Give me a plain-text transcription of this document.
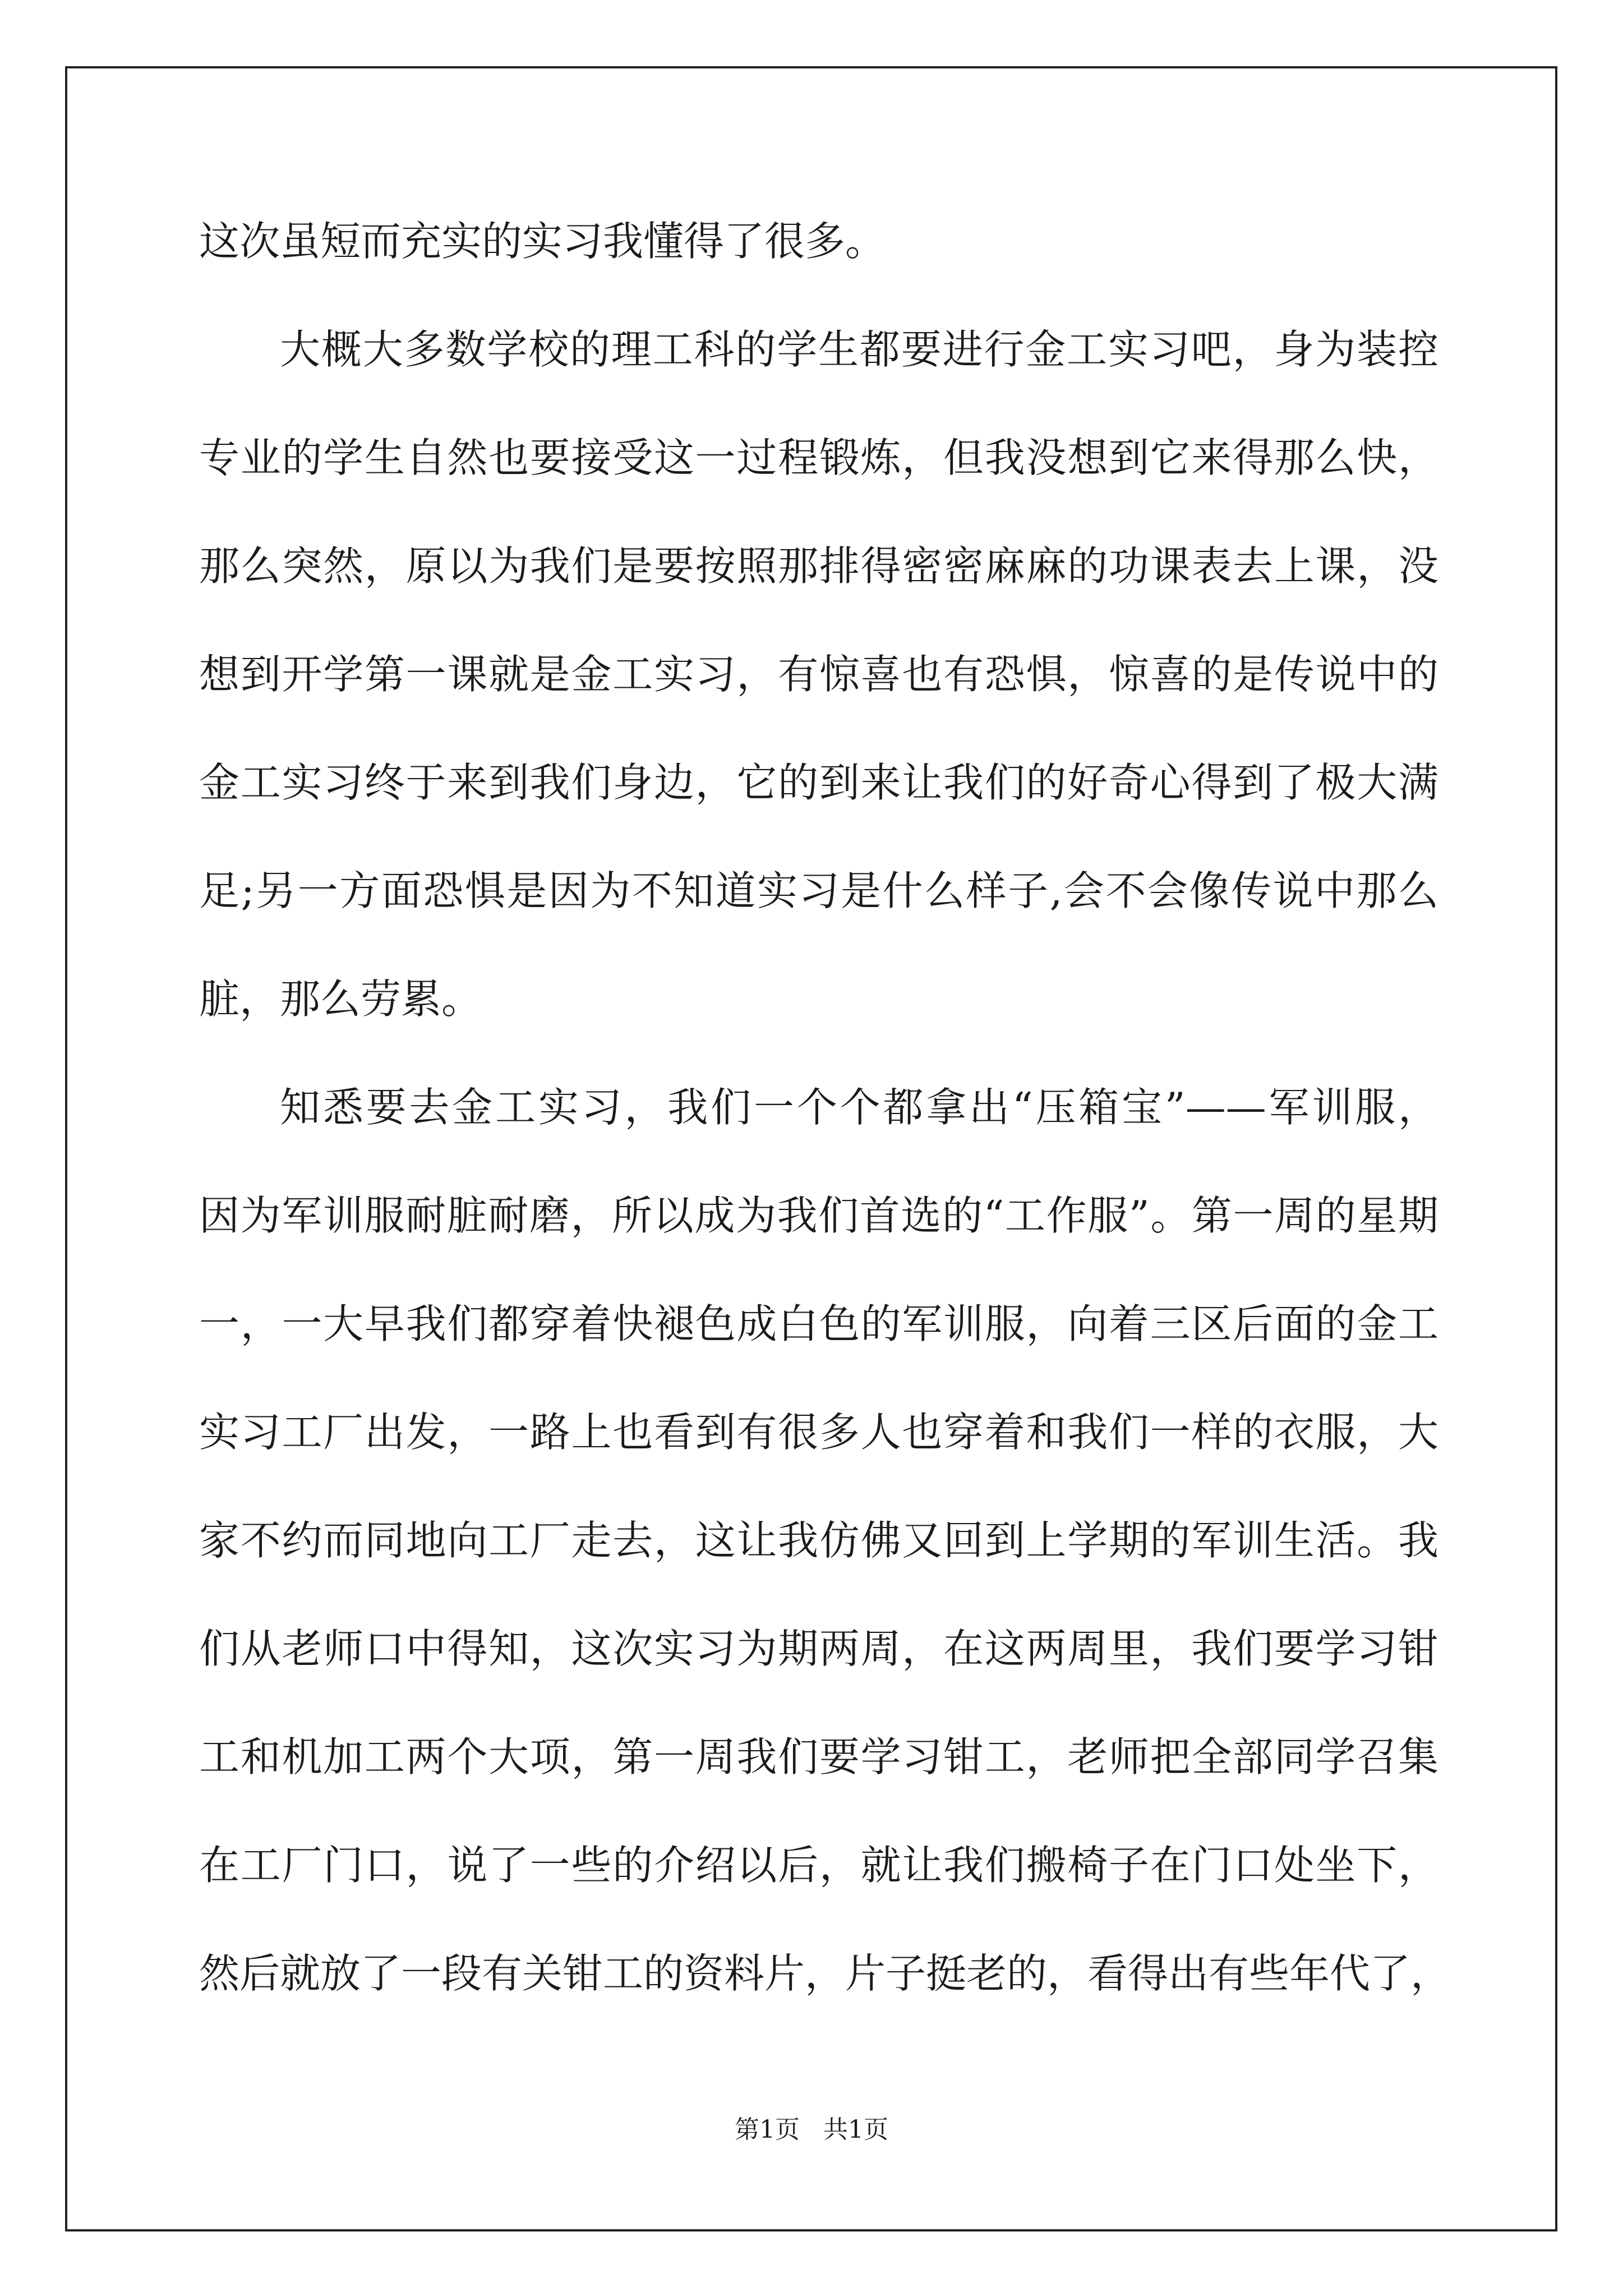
这次虽短而充实的实习我懂得了很多。
大概大多数学校的理工科的学生都要进行金工实习吧，身为装控
专业的学生自然也要接受这一过程锻炼，但我没想到它来得那么快，
那么突然，原以为我们是要按照那排得密密麻麻的功课表去上课，没
想到开学第一课就是金工实习，有惊喜也有恐惧，惊喜的是传说中的
金工实习终于来到我们身边，它的到来让我们的好奇心得到了极大满
足;另一方面恐惧是因为不知道实习是什么样子,会不会像传说中那么
脏，那么劳累。
知悉要去金工实习，我们一个个都拿出“压箱宝”——军训服，
因为军训服耐脏耐磨，所以成为我们首选的“工作服”。第一周的星期
一，一大早我们都穿着快褪色成白色的军训服，向着三区后面的金工
实习工厂出发，一路上也看到有很多人也穿着和我们一样的衣服，大
家不约而同地向工厂走去，这让我仿佛又回到上学期的军训生活。我
们从老师口中得知，这次实习为期两周，在这两周里，我们要学习钳
工和机加工两个大项，第一周我们要学习钳工，老师把全部同学召集
在工厂门口，说了一些的介绍以后，就让我们搬椅子在门口处坐下，
然后就放了一段有关钳工的资料片，片子挺老的，看得出有些年代了，
第1页 共1页
